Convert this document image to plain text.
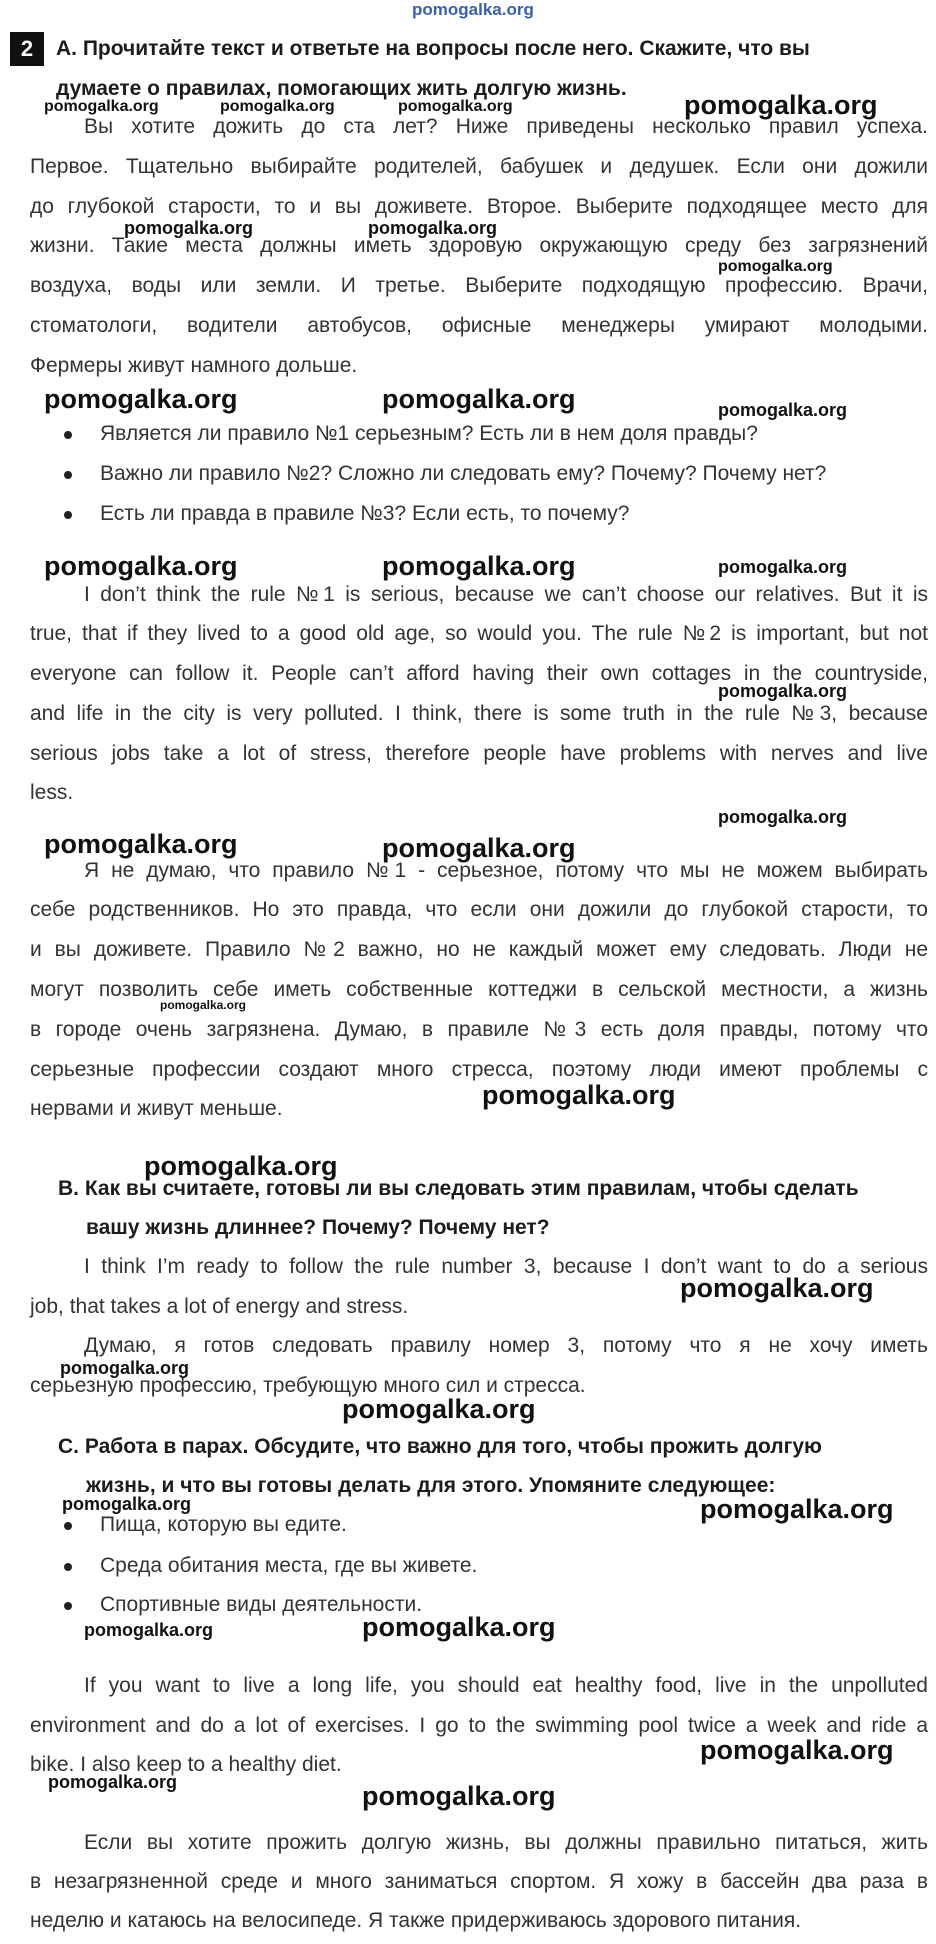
pomogalka.org
2	A. Прочитайте текст и ответьте на вопросы после него. Скажите, что вы
думаете о правилах, помогающих жить долгую жизнь.
Вы хотите дожить до ста лет? Ниже приведены несколько правил успеха.
Первое. Тщательно выбирайте родителей, бабушек и дедушек. Если они дожили
до глубокой старости, то и вы доживете. Второе. Выберите подходящее место для
жизни. Такие места должны иметь здоровую окружающую среду без загрязнений
воздуха, воды или земли. И третье. Выберите подходящую профессию. Врачи,
стоматологи, водители автобусов, офисные менеджеры умирают молодыми.
Фермеры живут намного дольше.
Является ли правило №1 серьезным? Есть ли в нем доля правды?
Важно ли правило №2? Сложно ли следовать ему? Почему? Почему нет?
Есть ли правда в правиле №3? Если есть, то почему?
I don’t think the rule №1 is serious, because we can’t choose our relatives. But it is
true, that if they lived to a good old age, so would you. The rule №2 is important, but not
everyone can follow it. People can’t afford having their own cottages in the countryside,
and life in the city is very polluted. I think, there is some truth in the rule №3, because
serious jobs take a lot of stress, therefore people have problems with nerves and live
less.
Я не думаю, что правило №1 - серьезное, потому что мы не можем выбирать
себе родственников. Но это правда, что если они дожили до глубокой старости, то
и вы доживете. Правило №2 важно, но не каждый может ему следовать. Люди не
могут позволить себе иметь собственные коттеджи в сельской местности, а жизнь
в городе очень загрязнена. Думаю, в правиле №3 есть доля правды, потому что
серьезные профессии создают много стресса, поэтому люди имеют проблемы с
нервами и живут меньше.
B. Как вы считаете, готовы ли вы следовать этим правилам, чтобы сделать
вашу жизнь длиннее? Почему? Почему нет?
I think I’m ready to follow the rule number 3, because I don’t want to do a serious
job, that takes a lot of energy and stress.
Думаю, я готов следовать правилу номер 3, потому что я не хочу иметь
серьезную профессию, требующую много сил и стресса.
C. Работа в парах. Обсудите, что важно для того, чтобы прожить долгую
жизнь, и что вы готовы делать для этого. Упомяните следующее:
Пища, которую вы едите.
Среда обитания места, где вы живете.
Спортивные виды деятельности.
If you want to live a long life, you should eat healthy food, live in the unpolluted
environment and do a lot of exercises. I go to the swimming pool twice a week and ride a
bike. I also keep to a healthy diet.
Если вы хотите прожить долгую жизнь, вы должны правильно питаться, жить
в незагрязненной среде и много заниматься спортом. Я хожу в бассейн два раза в
неделю и катаюсь на велосипеде. Я также придерживаюсь здорового питания.
pomogalka.org	pomogalka.org	pomogalka.org	pomogalka.org
pomogalka.org	pomogalka.org
pomogalka.org
pomogalka.org	pomogalka.org	pomogalka.org
pomogalka.org	pomogalka.org	pomogalka.org
pomogalka.org
pomogalka.org
pomogalka.org	pomogalka.org
pomogalka.org
pomogalka.org
pomogalka.org
pomogalka.org
pomogalka.org
pomogalka.org
pomogalka.org	pomogalka.org
pomogalka.org	pomogalka.org
pomogalka.org
pomogalka.org	pomogalka.org
